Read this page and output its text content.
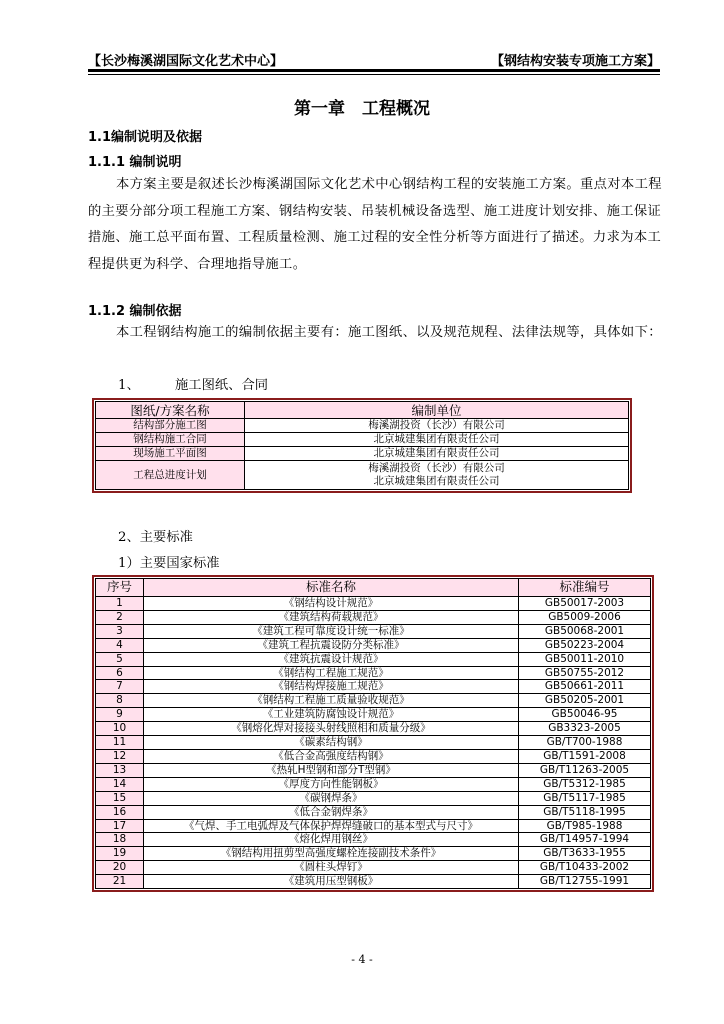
【长沙梅溪湖国际文化艺术中心】	【钢结构安装专项施工方案】
第一章　工程概况
1.1编制说明及依据
1.1.1 编制说明
本方案主要是叙述长沙梅溪湖国际文化艺术中心钢结构工程的安装施工方案。重点对本工程的主要分部分项工程施工方案、钢结构安装、吊装机械设备选型、施工进度计划安排、施工保证措施、施工总平面布置、工程质量检测、施工过程的安全性分析等方面进行了描述。力求为本工程提供更为科学、合理地指导施工。
1.1.2 编制依据
本工程钢结构施工的编制依据主要有：施工图纸、以及规范规程、法律法规等，具体如下：
1、	施工图纸、合同
图纸/方案名称	编制单位
结构部分施工图	梅溪湖投资（长沙）有限公司
钢结构施工合同	北京城建集团有限责任公司
现场施工平面图	北京城建集团有限责任公司
工程总进度计划	梅溪湖投资（长沙）有限公司
北京城建集团有限责任公司
2、主要标准
1）主要国家标准
序号	标准名称	标准编号
1	《钢结构设计规范》	GB50017-2003
2	《建筑结构荷载规范》	GB5009-2006
3	《建筑工程可靠度设计统一标准》	GB50068-2001
4	《建筑工程抗震设防分类标准》	GB50223-2004
5	《建筑抗震设计规范》	GB50011-2010
6	《钢结构工程施工规范》	GB50755-2012
7	《钢结构焊接施工规范》	GB50661-2011
8	《钢结构工程施工质量验收规范》	GB50205-2001
9	《工业建筑防腐蚀设计规范》	GB50046-95
10	《钢熔化焊对接接头射线照相和质量分级》	GB3323-2005
11	《碳素结构钢》	GB/T700-1988
12	《低合金高强度结构钢》	GB/T1591-2008
13	《热轧H型钢和部分T型钢》	GB/T11263-2005
14	《厚度方向性能钢板》	GB/T5312-1985
15	《碳钢焊条》	GB/T5117-1985
16	《低合金钢焊条》	GB/T5118-1995
17	《气焊、手工电弧焊及气体保护焊焊缝破口的基本型式与尺寸》	GB/T985-1988
18	《熔化焊用钢丝》	GB/T14957-1994
19	《钢结构用扭剪型高强度螺栓连接副技术条件》	GB/T3633-1955
20	《圆柱头焊钉》	GB/T10433-2002
21	《建筑用压型钢板》	GB/T12755-1991
- 4 -
